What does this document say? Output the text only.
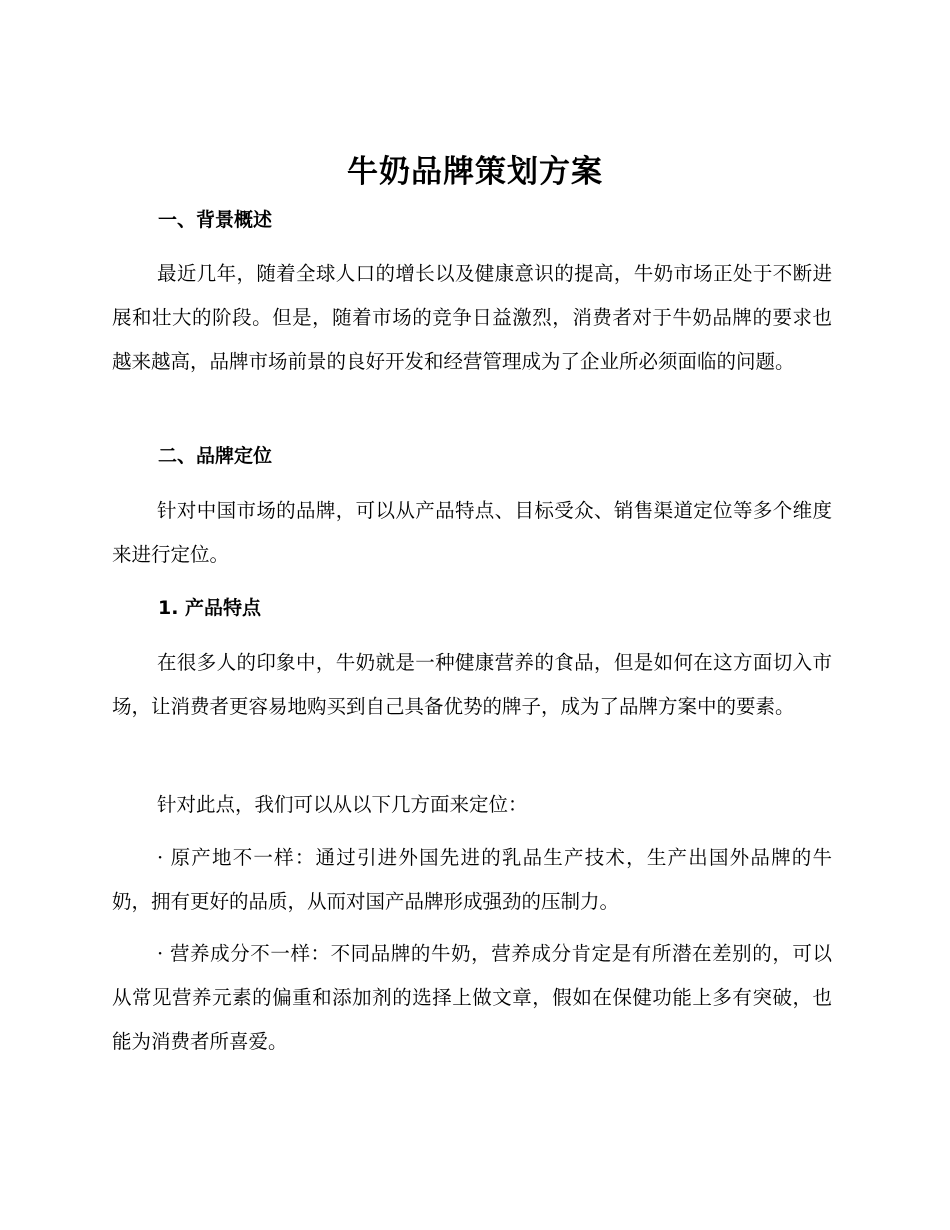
牛奶品牌策划方案
一、背景概述

最近几年，随着全球人口的增长以及健康意识的提高，牛奶市场正处于不断进展和壮大的阶段。但是，随着市场的竞争日益激烈，消费者对于牛奶品牌的要求也越来越高，品牌市场前景的良好开发和经营管理成为了企业所必须面临的问题。

二、品牌定位

针对中国市场的品牌，可以从产品特点、目标受众、销售渠道定位等多个维度来进行定位。

1. 产品特点

在很多人的印象中，牛奶就是一种健康营养的食品，但是如何在这方面切入市场，让消费者更容易地购买到自己具备优势的牌子，成为了品牌方案中的要素。

针对此点，我们可以从以下几方面来定位：

· 原产地不一样：通过引进外国先进的乳品生产技术，生产出国外品牌的牛奶，拥有更好的品质，从而对国产品牌形成强劲的压制力。

· 营养成分不一样：不同品牌的牛奶，营养成分肯定是有所潜在差别的，可以从常见营养元素的偏重和添加剂的选择上做文章，假如在保健功能上多有突破，也能为消费者所喜爱。
